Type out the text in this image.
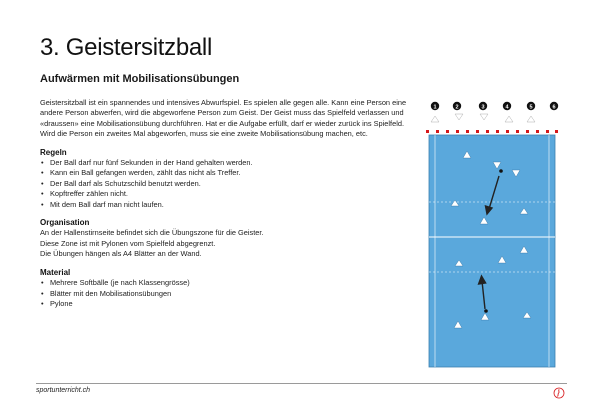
3. Geistersitzball
Aufwärmen mit Mobilisationsübungen

Geistersitzball ist ein spannendes und intensives Abwurfspiel. Es spielen alle gegen alle. Kann eine Person eine andere Person abwerfen, wird die abgeworfene Person zum Geist. Der Geist muss das Spielfeld verlassen und «draussen» eine Mobilisationsübung durchführen. Hat er die Aufgabe erfüllt, darf er wieder zurück ins Spielfeld. Wird die Person ein zweites Mal abgeworfen, muss sie eine zweite Mobilisationsübung machen, etc.

Regeln
• Der Ball darf nur fünf Sekunden in der Hand gehalten werden.
• Kann ein Ball gefangen werden, zählt das nicht als Treffer.
• Der Ball darf als Schutzschild benutzt werden.
• Kopftreffer zählen nicht.
• Mit dem Ball darf man nicht laufen.
Organisation

An der Hallenstirnseite befindet sich die Übungszone für die Geister.

Diese Zone ist mit Pylonen vom Spielfeld abgegrenzt.

Die Übungen hängen als A4 Blätter an der Wand.

Material
• Mehrere Softbälle (je nach Klassengrösse)
• Blätter mit den Mobilisationsübungen
• Pylone
1	2	3	4	5	6
sportunterricht.ch
